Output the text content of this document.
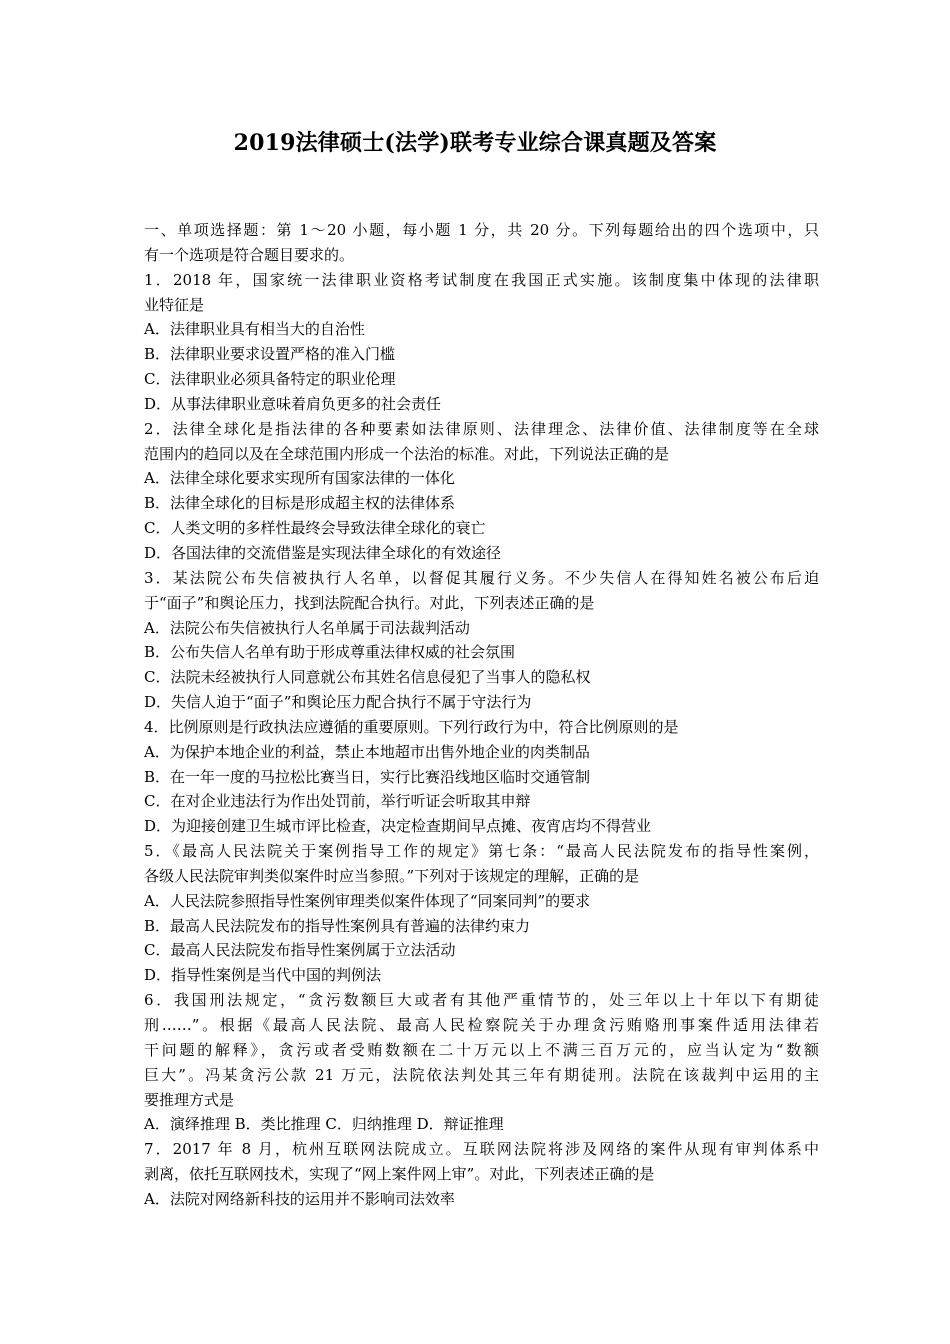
2019法律硕士(法学)联考专业综合课真题及答案
一、单项选择题：第 1～20 小题，每小题 1 分，共 20 分。下列每题给出的四个选项中，只
有一个选项是符合题目要求的。
1．2018 年，国家统一法律职业资格考试制度在我国正式实施。该制度集中体现的法律职
业特征是
A．法律职业具有相当大的自治性
B．法律职业要求设置严格的准入门槛
C．法律职业必须具备特定的职业伦理
D．从事法律职业意味着肩负更多的社会责任
2．法律全球化是指法律的各种要素如法律原则、法律理念、法律价值、法律制度等在全球
范围内的趋同以及在全球范围内形成一个法治的标准。对此，下列说法正确的是
A．法律全球化要求实现所有国家法律的一体化
B．法律全球化的目标是形成超主权的法律体系
C．人类文明的多样性最终会导致法律全球化的衰亡
D．各国法律的交流借鉴是实现法律全球化的有效途径
3．某法院公布失信被执行人名单，以督促其履行义务。不少失信人在得知姓名被公布后迫
于“面子”和舆论压力，找到法院配合执行。对此，下列表述正确的是
A．法院公布失信被执行人名单属于司法裁判活动
B．公布失信人名单有助于形成尊重法律权威的社会氛围
C．法院未经被执行人同意就公布其姓名信息侵犯了当事人的隐私权
D．失信人迫于“面子”和舆论压力配合执行不属于守法行为
4．比例原则是行政执法应遵循的重要原则。下列行政行为中，符合比例原则的是
A．为保护本地企业的利益，禁止本地超市出售外地企业的肉类制品
B．在一年一度的马拉松比赛当日，实行比赛沿线地区临时交通管制
C．在对企业违法行为作出处罚前，举行听证会听取其申辩
D．为迎接创建卫生城市评比检查，决定检查期间早点摊、夜宵店均不得营业
5．《最高人民法院关于案例指导工作的规定》第七条：“最高人民法院发布的指导性案例，
各级人民法院审判类似案件时应当参照。”下列对于该规定的理解，正确的是
A．人民法院参照指导性案例审理类似案件体现了“同案同判”的要求
B．最高人民法院发布的指导性案例具有普遍的法律约束力
C．最高人民法院发布指导性案例属于立法活动
D．指导性案例是当代中国的判例法
6．我国刑法规定，“贪污数额巨大或者有其他严重情节的，处三年以上十年以下有期徒
刑……”。根据《最高人民法院、最高人民检察院关于办理贪污贿赂刑事案件适用法律若
干问题的解释》，贪污或者受贿数额在二十万元以上不满三百万元的，应当认定为“数额
巨大”。冯某贪污公款 21 万元，法院依法判处其三年有期徒刑。法院在该裁判中运用的主
要推理方式是
A．演绎推理 B．类比推理 C．归纳推理 D．辩证推理
7．2017 年 8 月，杭州互联网法院成立。互联网法院将涉及网络的案件从现有审判体系中
剥离，依托互联网技术，实现了“网上案件网上审”。对此，下列表述正确的是
A．法院对网络新科技的运用并不影响司法效率
